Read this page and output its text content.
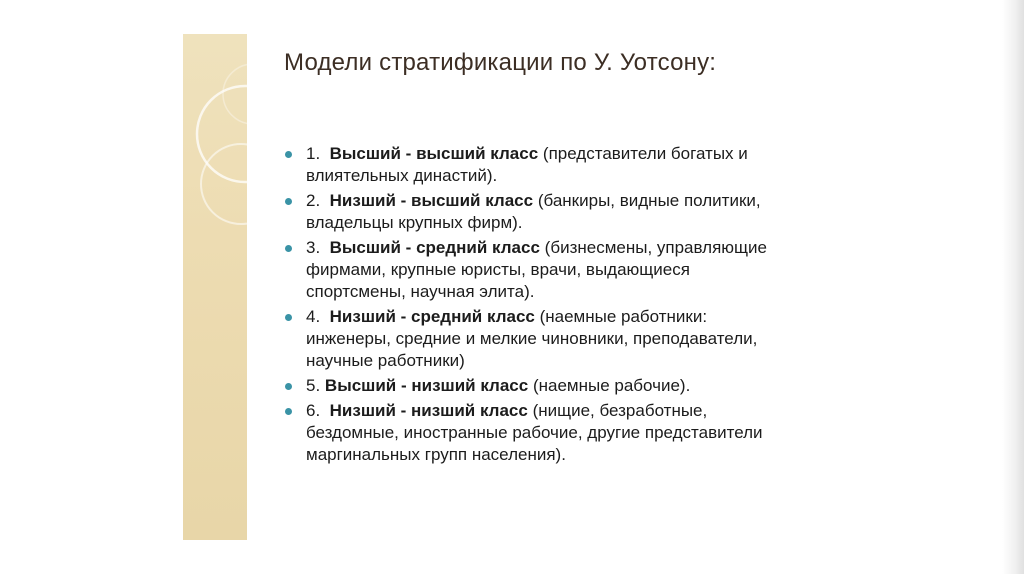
Модели стратификации по У. Уотсону:
1. Высший - высший класс (представители богатых и влиятельных династий).
2. Низший - высший класс (банкиры, видные политики, владельцы крупных фирм).
3. Высший - средний класс (бизнесмены, управляющие фирмами, крупные юристы, врачи, выдающиеся спортсмены, научная элита).
4. Низший - средний класс (наемные работники: инженеры, средние и мелкие чиновники, преподаватели, научные работники)
5. Высший - низший класс (наемные рабочие).
6. Низший - низший класс (нищие, безработные, бездомные, иностранные рабочие, другие представители маргинальных групп населения).
